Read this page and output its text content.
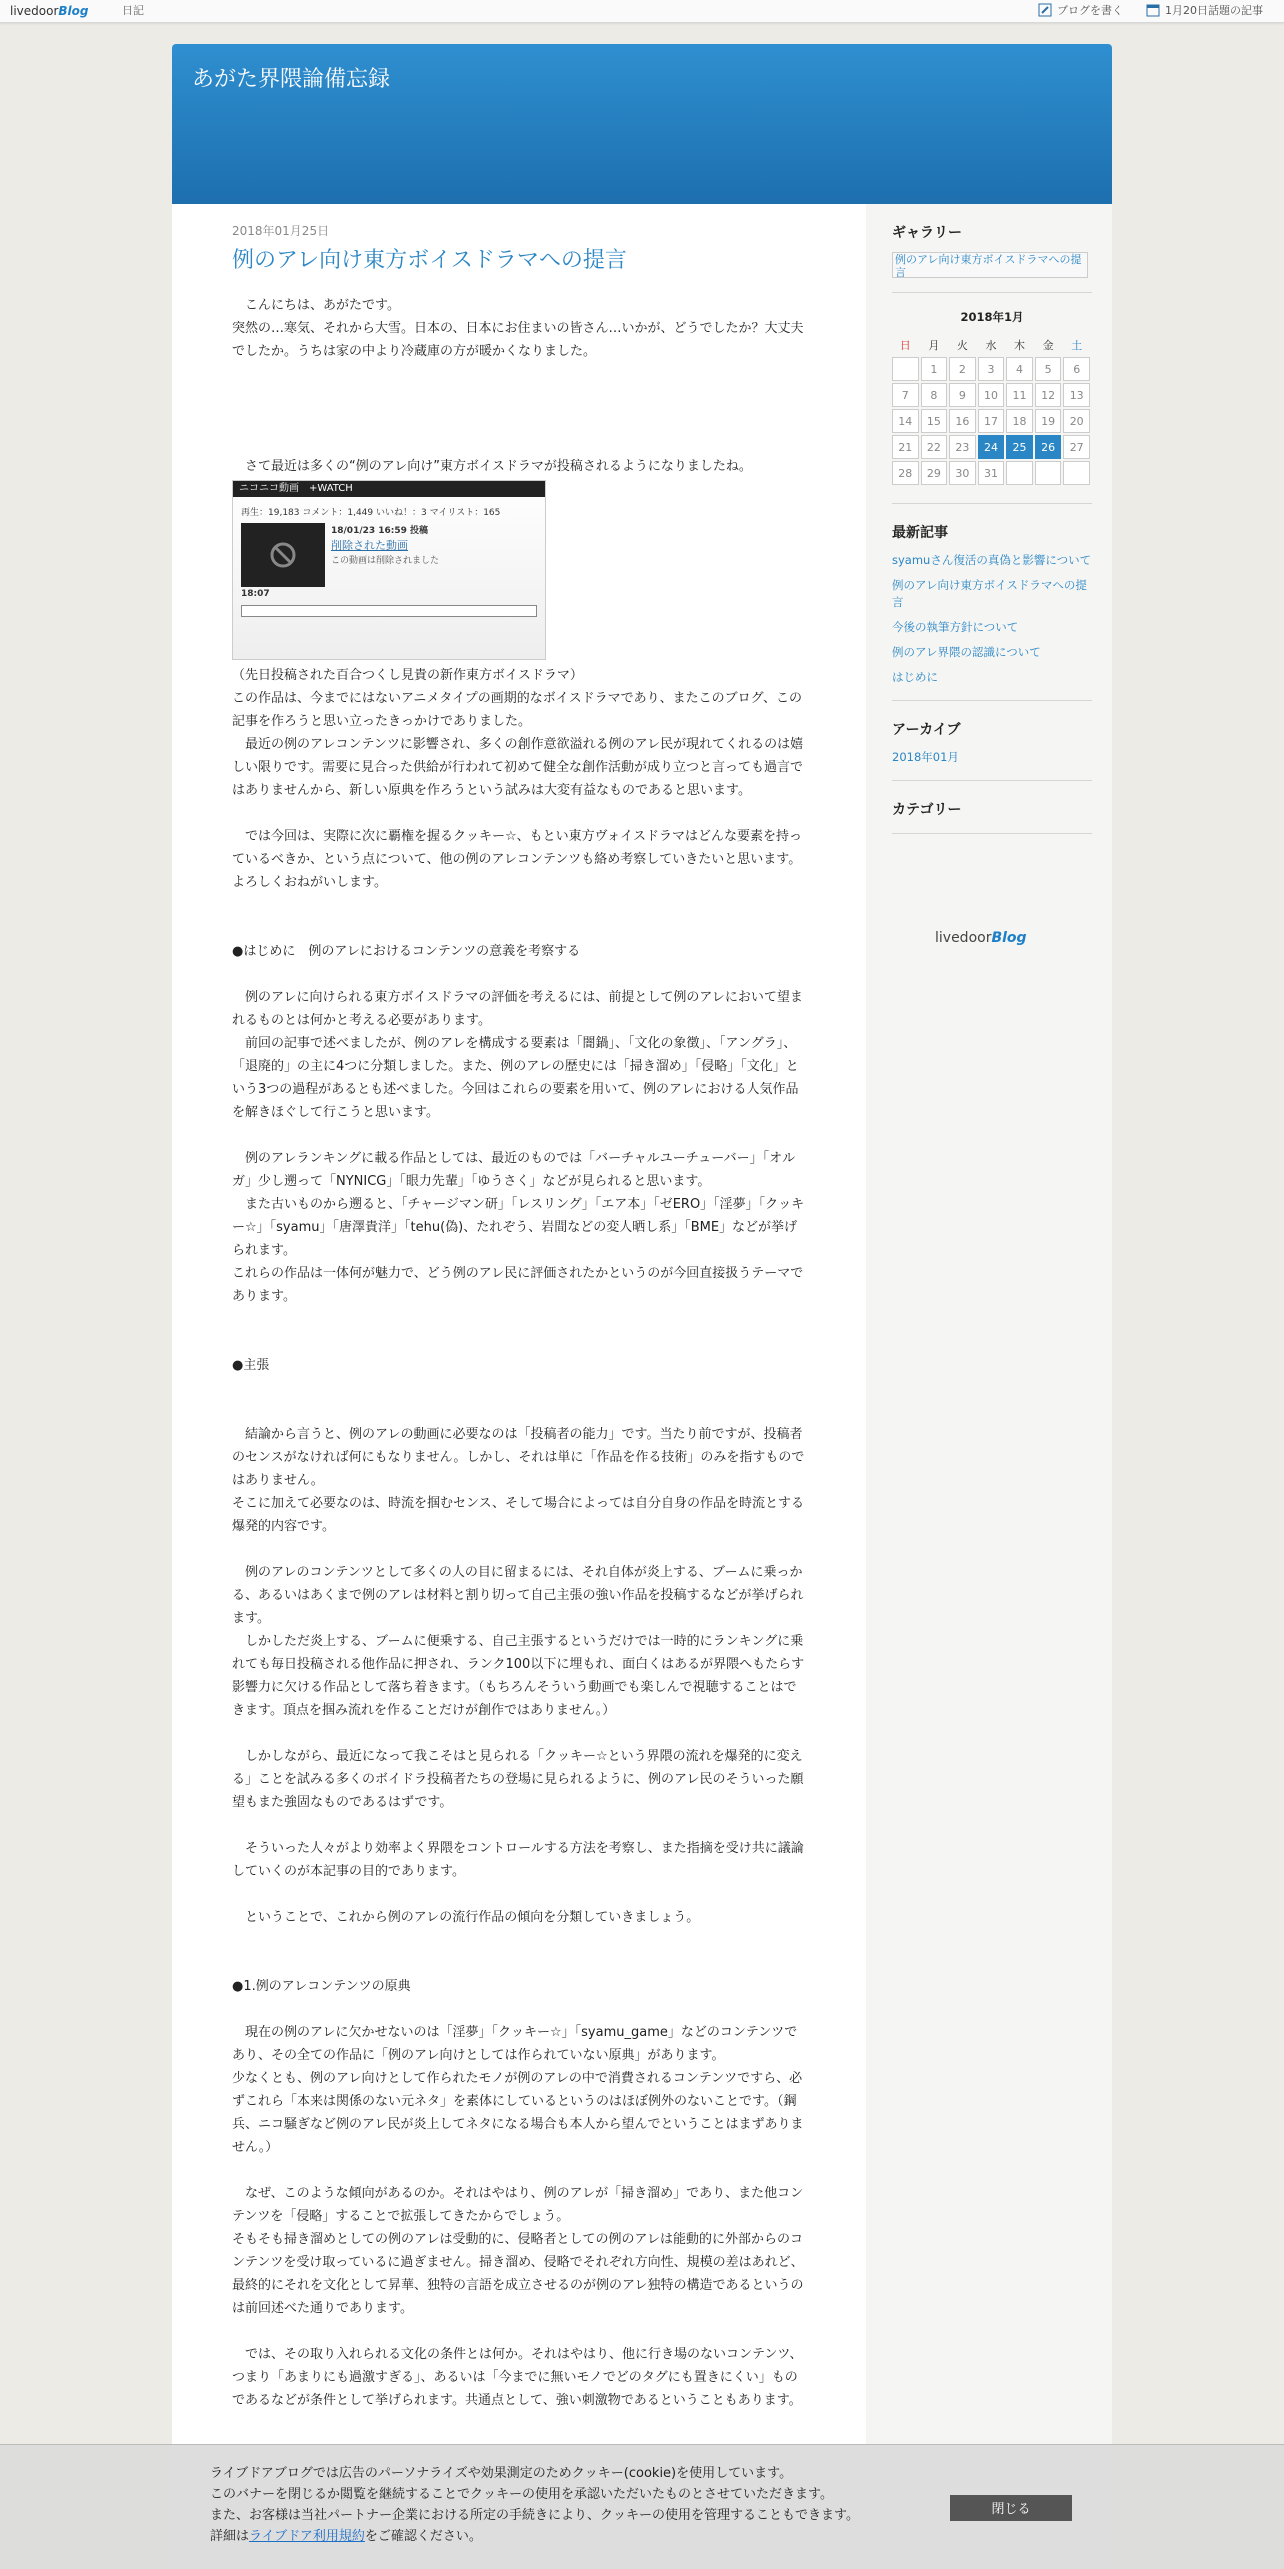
livedoorBlog	日記	ブログを書く	1月20日話題の記事
あがた界隈論備忘録
2018年01月25日
例のアレ向け東方ボイスドラマへの提言

　こんにちは、あがたです。

突然の…寒気、それから大雪。日本の、日本にお住まいの皆さん…いかが、どうでしたか？大丈夫でしたか。うちは家の中より冷蔵庫の方が暖かくなりました。

　さて最近は多くの“例のアレ向け”東方ボイスドラマが投稿されるようになりましたね。

ニコニコ動画　+WATCH
再生：19,183 コメント：1,449 いいね！：3 マイリスト：165
18/01/23 16:59 投稿
削除された動画
この動画は削除されました
18:07

（先日投稿された百合つくし見貴の新作東方ボイスドラマ）

この作品は、今までにはないアニメタイプの画期的なボイスドラマであり、またこのブログ、この記事を作ろうと思い立ったきっかけでありました。

　最近の例のアレコンテンツに影響され、多くの創作意欲溢れる例のアレ民が現れてくれるのは嬉しい限りです。需要に見合った供給が行われて初めて健全な創作活動が成り立つと言っても過言ではありませんから、新しい原典を作ろうという試みは大変有益なものであると思います。

　では今回は、実際に次に覇権を握るクッキー☆、もとい東方ヴォイスドラマはどんな要素を持っているべきか、という点について、他の例のアレコンテンツも絡め考察していきたいと思います。よろしくおねがいします。

●はじめに　例のアレにおけるコンテンツの意義を考察する

　例のアレに向けられる東方ボイスドラマの評価を考えるには、前提として例のアレにおいて望まれるものとは何かと考える必要があります。

　前回の記事で述べましたが、例のアレを構成する要素は「闇鍋」、「文化の象徴」、「アングラ」、「退廃的」の主に4つに分類しました。また、例のアレの歴史には「掃き溜め」「侵略」「文化」という3つの過程があるとも述べました。今回はこれらの要素を用いて、例のアレにおける人気作品を解きほぐして行こうと思います。

　例のアレランキングに載る作品としては、最近のものでは「バーチャルユーチューバー」「オルガ」少し遡って「NYNICG」「眼力先輩」「ゆうさく」などが見られると思います。

　また古いものから遡ると、「チャージマン研」「レスリング」「エア本」「ゼERO」「淫夢」「クッキー☆」「syamu」「唐澤貴洋」「tehu(偽)、たれぞう、岩間などの変人晒し系」「BME」などが挙げられます。

これらの作品は一体何が魅力で、どう例のアレ民に評価されたかというのが今回直接扱うテーマであります。

●主張

　結論から言うと、例のアレの動画に必要なのは「投稿者の能力」です。当たり前ですが、投稿者のセンスがなければ何にもなりません。しかし、それは単に「作品を作る技術」のみを指すものではありません。

そこに加えて必要なのは、時流を掴むセンス、そして場合によっては自分自身の作品を時流とする爆発的内容です。

　例のアレのコンテンツとして多くの人の目に留まるには、それ自体が炎上する、ブームに乗っかる、あるいはあくまで例のアレは材料と割り切って自己主張の強い作品を投稿するなどが挙げられます。

　しかしただ炎上する、ブームに便乗する、自己主張するというだけでは一時的にランキングに乗れても毎日投稿される他作品に押され、ランク100以下に埋もれ、面白くはあるが界隈へもたらす影響力に欠ける作品として落ち着きます。（もちろんそういう動画でも楽しんで視聴することはできます。頂点を掴み流れを作ることだけが創作ではありません。）

　しかしながら、最近になって我こそはと見られる「クッキー☆という界隈の流れを爆発的に変える」ことを試みる多くのボイドラ投稿者たちの登場に見られるように、例のアレ民のそういった願望もまた強固なものであるはずです。

　そういった人々がより効率よく界隈をコントロールする方法を考察し、また指摘を受け共に議論していくのが本記事の目的であります。

　ということで、これから例のアレの流行作品の傾向を分類していきましょう。

●1.例のアレコンテンツの原典

　現在の例のアレに欠かせないのは「淫夢」「クッキー☆」「syamu_game」などのコンテンツであり、その全ての作品に「例のアレ向けとしては作られていない原典」があります。

少なくとも、例のアレ向けとして作られたモノが例のアレの中で消費されるコンテンツですら、必ずこれら「本来は関係のない元ネタ」を素体にしているというのはほぼ例外のないことです。（鋼兵、ニコ騒ぎなど例のアレ民が炎上してネタになる場合も本人から望んでということはまずありません。）

　なぜ、このような傾向があるのか。それはやはり、例のアレが「掃き溜め」であり、また他コンテンツを「侵略」することで拡張してきたからでしょう。

そもそも掃き溜めとしての例のアレは受動的に、侵略者としての例のアレは能動的に外部からのコンテンツを受け取っているに過ぎません。掃き溜め、侵略でそれぞれ方向性、規模の差はあれど、最終的にそれを文化として昇華、独特の言語を成立させるのが例のアレ独特の構造であるというのは前回述べた通りであります。

　では、その取り入れられる文化の条件とは何か。それはやはり、他に行き場のないコンテンツ、つまり「あまりにも過激すぎる」、あるいは「今までに無いモノでどのタグにも置きにくい」ものであるなどが条件として挙げられます。共通点として、強い刺激物であるということもあります。

ギャラリー
例のアレ向け東方ボイスドラマへの提言
2018年1月
日	月	火	水	木	金	土
	1	2	3	4	5	6
7	8	9	10	11	12	13
14	15	16	17	18	19	20
21	22	23	24	25	26	27
28	29	30	31			
最新記事
syamuさん復活の真偽と影響について
例のアレ向け東方ボイスドラマへの提言
今後の執筆方針について
例のアレ界隈の認識について
はじめに
アーカイブ
2018年01月
カテゴリー
livedoorBlog
ライブドアブログでは広告のパーソナライズや効果測定のためクッキー(cookie)を使用しています。
このバナーを閉じるか閲覧を継続することでクッキーの使用を承認いただいたものとさせていただきます。
また、お客様は当社パートナー企業における所定の手続きにより、クッキーの使用を管理することもできます。
詳細はライブドア利用規約をご確認ください。
閉じる
